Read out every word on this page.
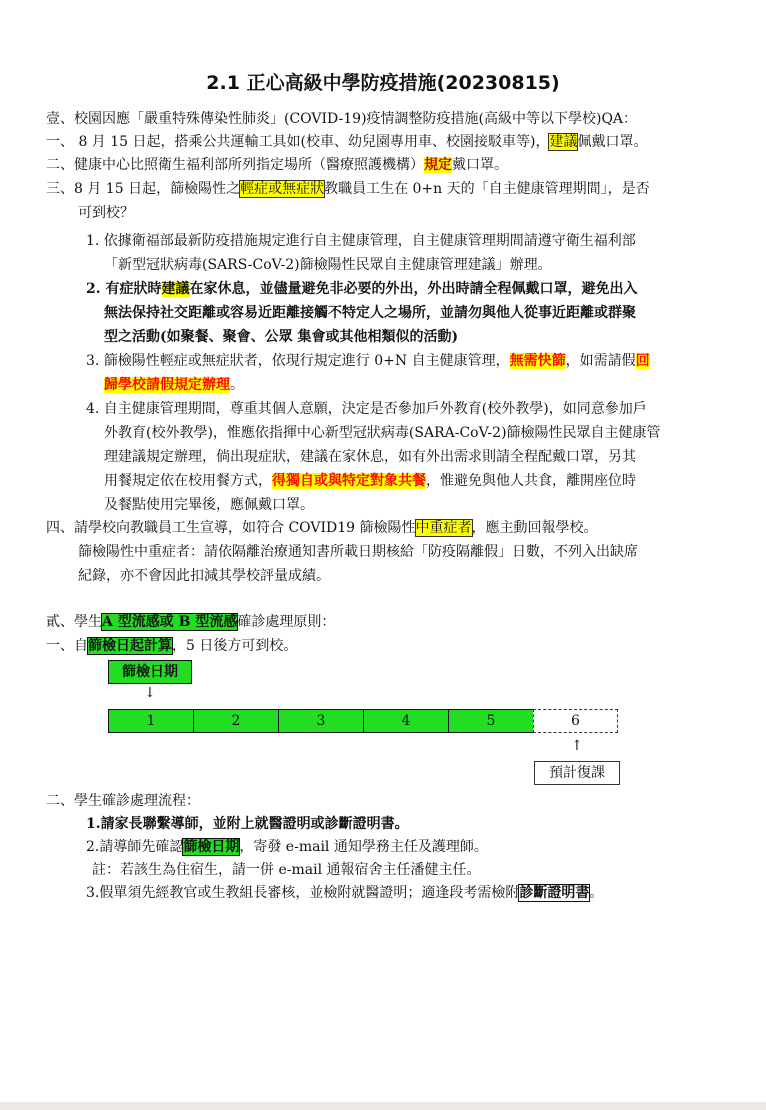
2.1 正心高級中學防疫措施(20230815)
壹、校園因應「嚴重特殊傳染性肺炎」(COVID-19)疫情調整防疫措施(高級中等以下學校)QA：
一、 8 月 15 日起，搭乘公共運輸工具如(校車、幼兒園專用車、校園接駁車等)，建議佩戴口罩。
二、健康中心比照衛生福利部所列指定場所（醫療照護機構）規定戴口罩。
三、8 月 15 日起，篩檢陽性之輕症或無症狀教職員工生在 0+n 天的「自主健康管理期間」，是否
可到校？
1. 依據衛福部最新防疫措施規定進行自主健康管理，自主健康管理期間請遵守衛生福利部
「新型冠狀病毒(SARS-CoV-2)篩檢陽性民眾自主健康管理建議」辦理。
2. 有症狀時建議在家休息，並儘量避免非必要的外出，外出時請全程佩戴口罩，避免出入
無法保持社交距離或容易近距離接觸不特定人之場所，並請勿與他人從事近距離或群聚
型之活動(如聚餐、聚會、公眾 集會或其他相類似的活動)
3. 篩檢陽性輕症或無症狀者，依現行規定進行 0+N 自主健康管理，無需快篩，如需請假回
歸學校請假規定辦理。
4. 自主健康管理期間，尊重其個人意願，決定是否參加戶外教育(校外教學)，如同意參加戶
外教育(校外教學)，惟應依指揮中心新型冠狀病毒(SARA-CoV-2)篩檢陽性民眾自主健康管
理建議規定辦理，倘出現症狀，建議在家休息，如有外出需求則請全程配戴口罩，另其
用餐規定依在校用餐方式，得獨自或與特定對象共餐，惟避免與他人共食，離開座位時
及餐點使用完畢後，應佩戴口罩。
四、請學校向教職員工生宣導，如符合 COVID19 篩檢陽性中重症者，應主動回報學校。
篩檢陽性中重症者：請依隔離治療通知書所載日期核給「防疫隔離假」日數，不列入出缺席
紀錄，亦不會因此扣減其學校評量成績。
貳、學生A 型流感或 B 型流感確診處理原則：
一、自篩檢日起計算，5 日後方可到校。
篩檢日期
↓
1	2	3	4	5	6
↑
預計復課
二、學生確診處理流程：
1.請家長聯繫導師，並附上就醫證明或診斷證明書。
2.請導師先確認篩檢日期，寄發 e-mail 通知學務主任及護理師。
註：若該生為住宿生，請一併 e-mail 通報宿舍主任潘健主任。
3.假單須先經教官或生教組長審核，並檢附就醫證明；適逢段考需檢附診斷證明書。
